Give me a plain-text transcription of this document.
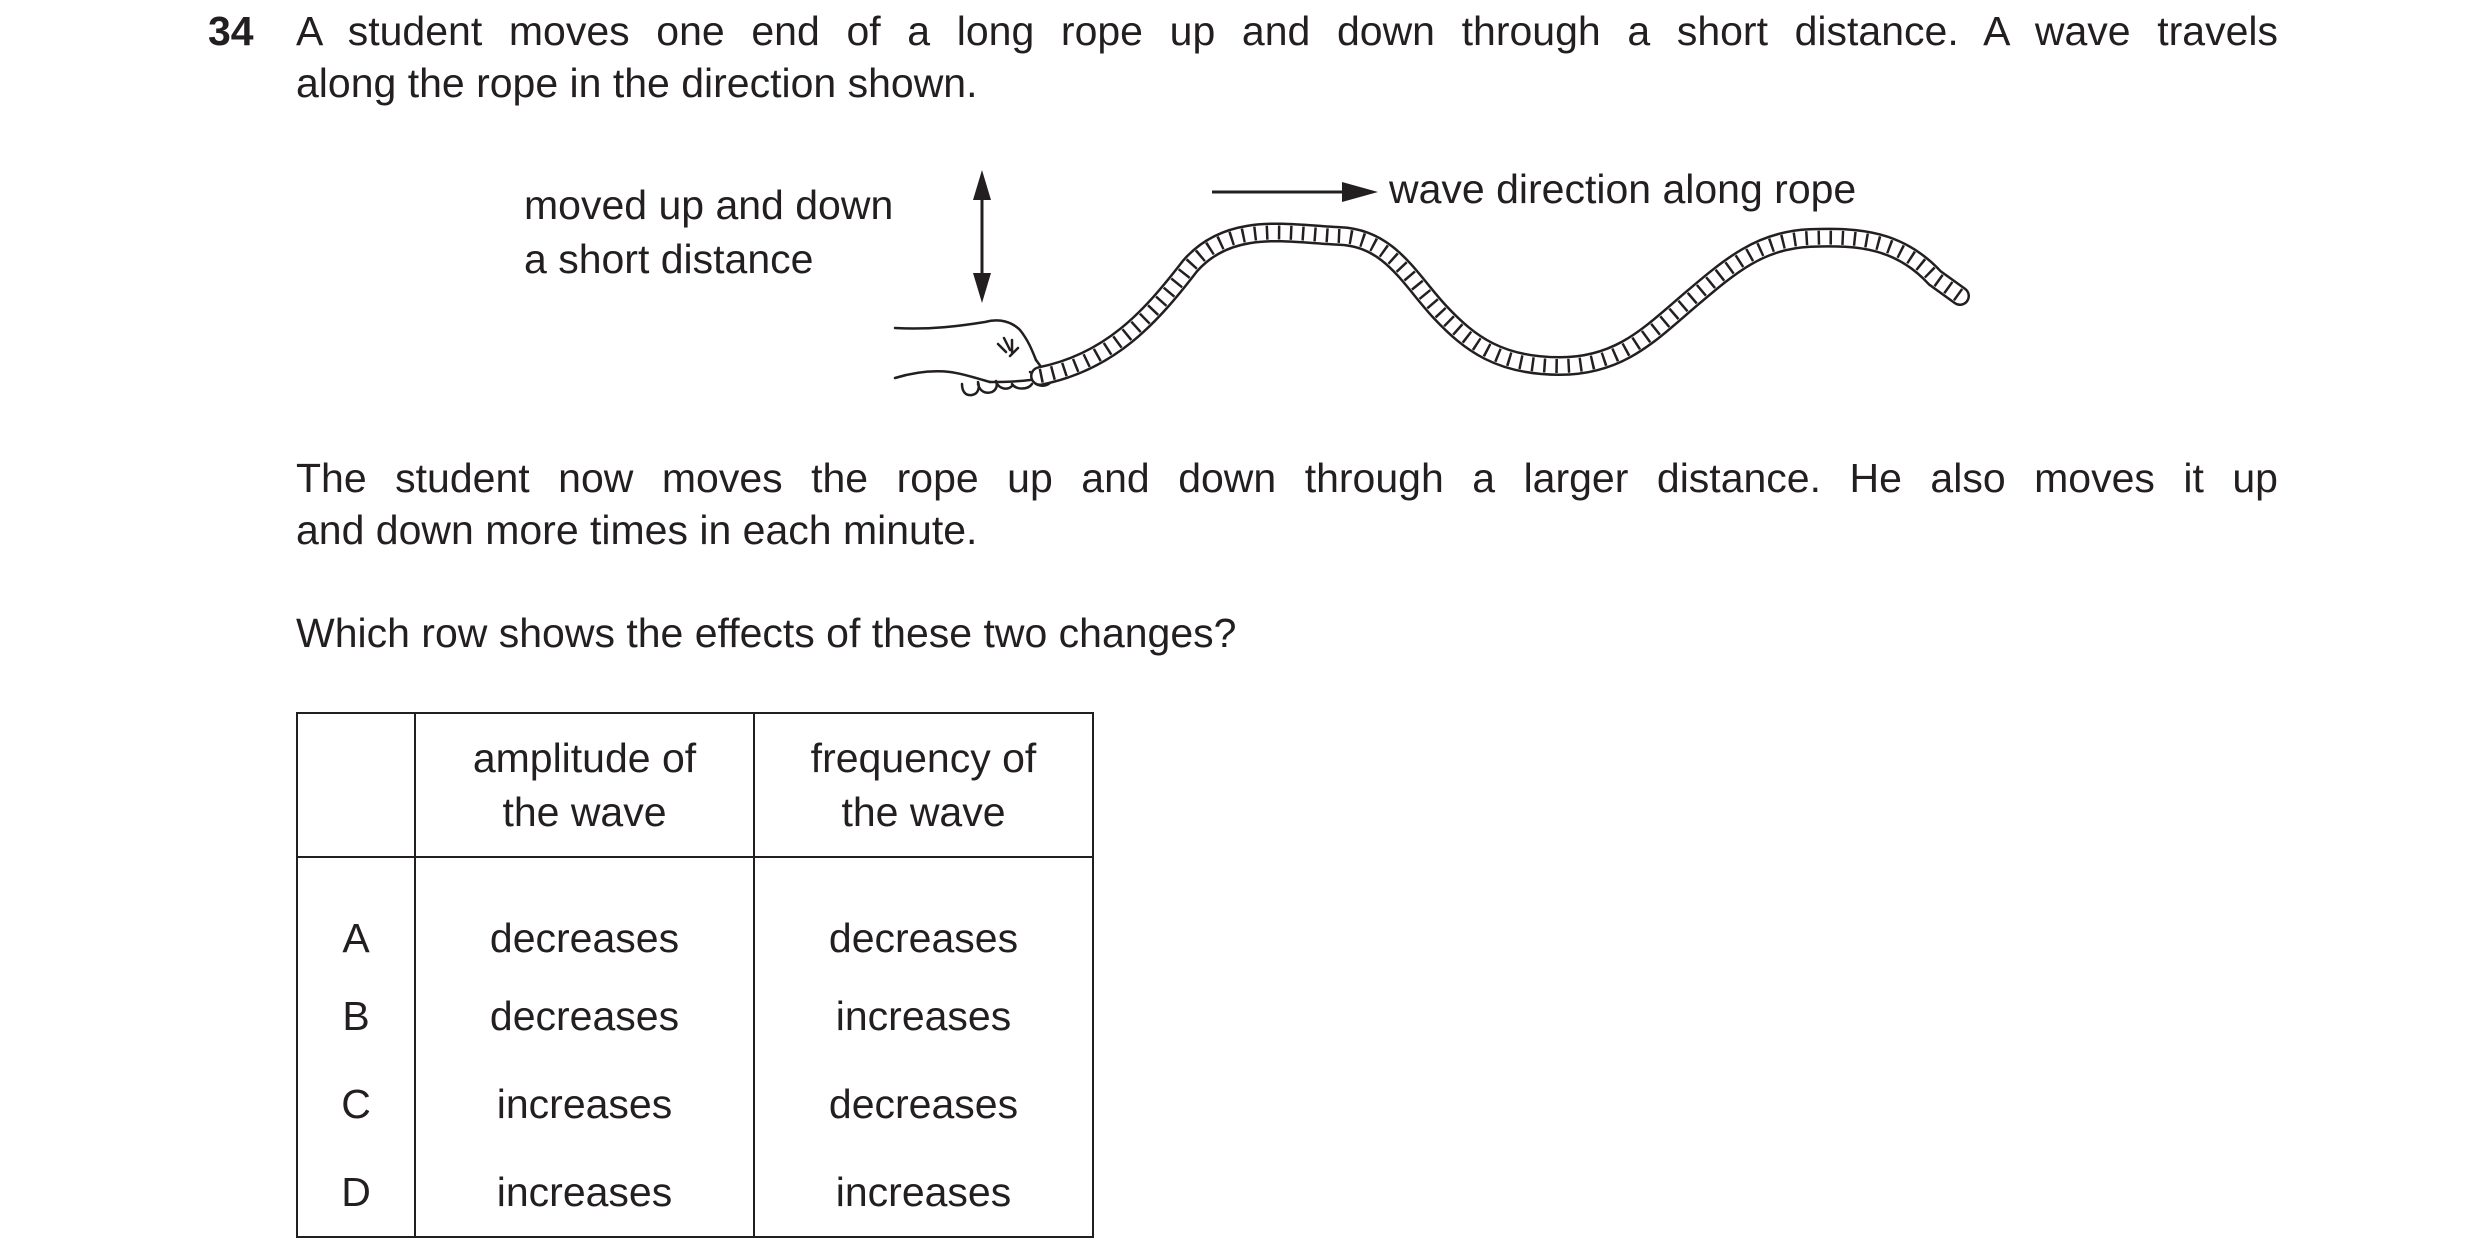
34 A student moves one end of a long rope up and down through a short distance. A wave travels
along the rope in the direction shown.
moved up and down
a short distance
wave direction along rope
The student now moves the rope up and down through a larger distance. He also moves it up
and down more times in each minute.
Which row shows the effects of these two changes?

	amplitude of
the wave	frequency of
the wave

A	decreases	decreases
B	decreases	increases
C	increases	decreases
D	increases	increases
